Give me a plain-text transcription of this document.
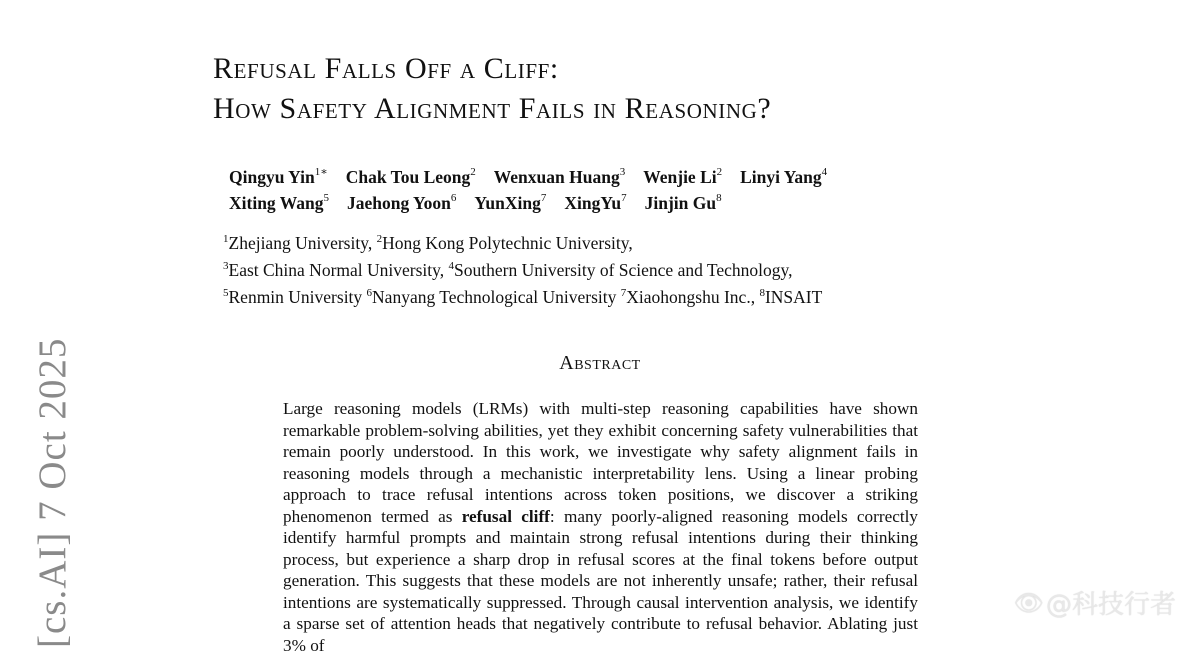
Refusal Falls Off a Cliff:
How Safety Alignment Fails in Reasoning?
Qingyu Yin$^{1∗}$ Chak Tou Leong$^2$ Wenxuan Huang$^3$ Wenjie Li$^2$ Linyi Yang$^4$
Xiting Wang$^5$ Jaehong Yoon$^6$ YunXing$^7$ XingYu$^7$ Jinjin Gu$^8$
$^1$Zhejiang University, $^2$Hong Kong Polytechnic University,
$^3$East China Normal University, $^4$Southern University of Science and Technology,
$^5$Renmin University $^6$Nanyang Technological University $^7$Xiaohongshu Inc., $^8$INSAIT
Abstract
Large reasoning models (LRMs) with multi-step reasoning capabilities have shown remarkable problem-solving abilities, yet they exhibit concerning safety vulnerabilities that remain poorly understood. In this work, we investigate why safety alignment fails in reasoning models through a mechanistic interpretability lens. Using a linear probing approach to trace refusal intentions across token positions, we discover a striking phenomenon termed as refusal cliff: many poorly-aligned reasoning models correctly identify harmful prompts and maintain strong refusal intentions during their thinking process, but experience a sharp drop in refusal scores at the final tokens before output generation. This suggests that these models are not inherently unsafe; rather, their refusal intentions are systematically suppressed. Through causal intervention analysis, we identify a sparse set of attention heads that negatively contribute to refusal behavior. Ablating just 3% of
[cs.AI] 7 Oct 2025	👁 @科技行者
